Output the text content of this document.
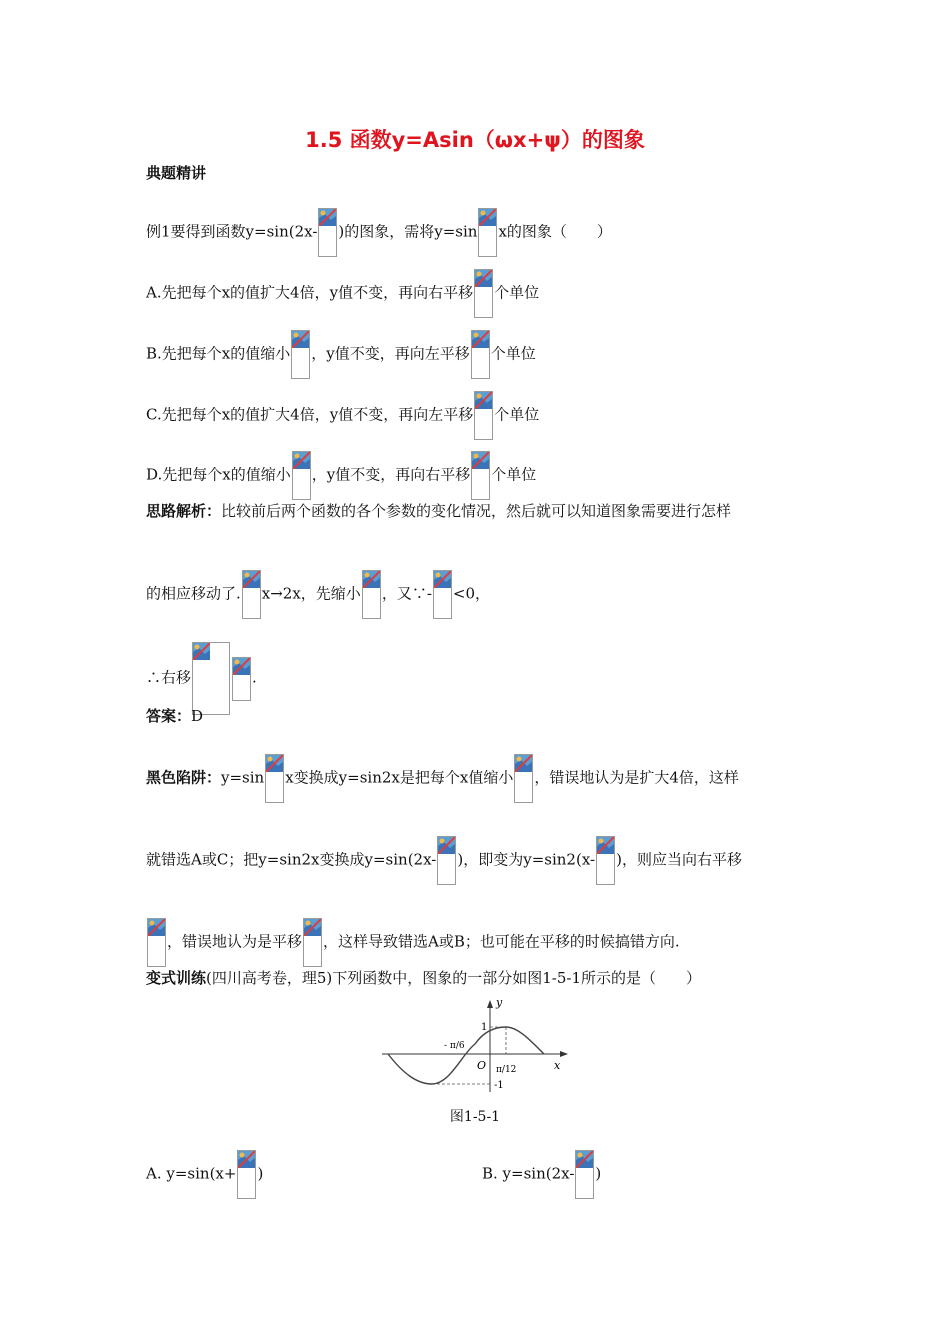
1.5 函数y=Asin（ωx+ψ）的图象
典题精讲
例1要得到函数y=sin(2x- )的图象，需将y=sin x的图象（　　）
A.先把每个x的值扩大4倍，y值不变，再向右平移 个单位
B.先把每个x的值缩小 ，y值不变，再向左平移 个单位
C.先把每个x的值扩大4倍，y值不变，再向左平移 个单位
D.先把每个x的值缩小 ，y值不变，再向右平移 个单位
思路解析：比较前后两个函数的各个参数的变化情况，然后就可以知道图象需要进行怎样
的相应移动了. x→2x，先缩小 ，又∵- <0，
∴右移	.
答案：D
黑色陷阱：y=sin x变换成y=sin2x是把每个x值缩小 ，错误地认为是扩大4倍，这样
就错选A或C；把y=sin2x变换成y=sin(2x- )，即变为y=sin2(x- )，则应当向右平移
，错误地认为是平移 ，这样导致错选A或B；也可能在平移的时候搞错方向.
变式训练(四川高考卷，理5)下列函数中，图象的一部分如图1-5-1所示的是（　　）
y
x
O
1
-1
- π/6
π/12
图1-5-1
A. y=sin(x+ )	B. y=sin(2x- )
